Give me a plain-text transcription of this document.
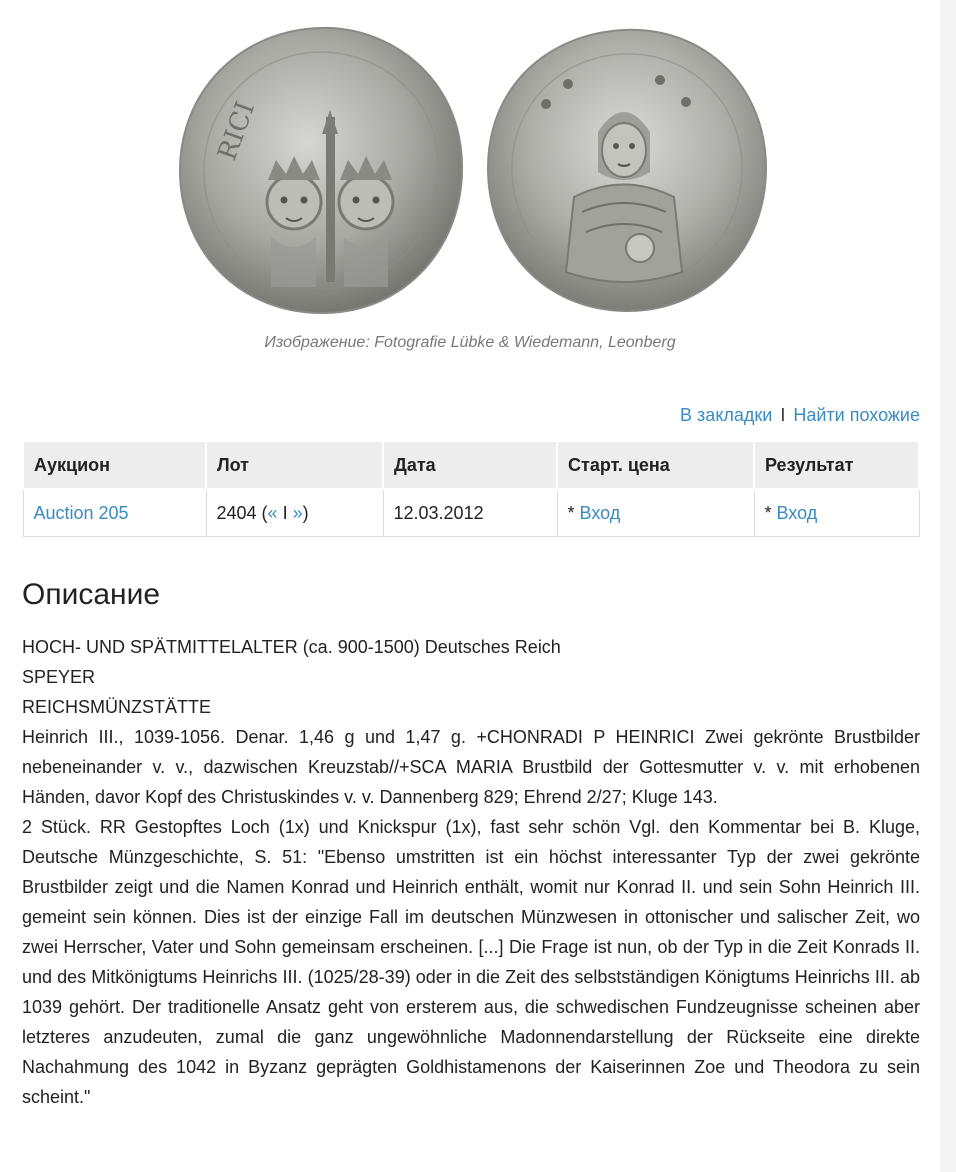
RICI
Изображение: Fotografie Lübke & Wiedemann, Leonberg
В закладки I Найти похожие
Аукцион	Лот	Дата	Старт. цена	Результат
Auction 205	2404 (« I »)	12.03.2012	* Вход	* Вход
Описание
HOCH- UND SPÄTMITTELALTER (ca. 900-1500) Deutsches Reich
SPEYER
REICHSMÜNZSTÄTTE
Heinrich III., 1039-1056. Denar. 1,46 g und 1,47 g. +CHONRADI P HEINRICI Zwei gekrönte Brustbilder nebeneinander v. v., dazwischen Kreuzstab//+SCA MARIA Brustbild der Gottesmutter v. v. mit erhobenen Händen, davor Kopf des Christuskindes v. v. Dannenberg 829; Ehrend 2/27; Kluge 143.
2 Stück. RR Gestopftes Loch (1x) und Knickspur (1x), fast sehr schön Vgl. den Kommentar bei B. Kluge, Deutsche Münzgeschichte, S. 51: "Ebenso umstritten ist ein höchst interessanter Typ der zwei gekrönte Brustbilder zeigt und die Namen Konrad und Heinrich enthält, womit nur Konrad II. und sein Sohn Heinrich III. gemeint sein können. Dies ist der einzige Fall im deutschen Münzwesen in ottonischer und salischer Zeit, wo zwei Herrscher, Vater und Sohn gemeinsam erscheinen. [...] Die Frage ist nun, ob der Typ in die Zeit Konrads II. und des Mitkönigtums Heinrichs III. (1025/28-39) oder in die Zeit des selbstständigen Königtums Heinrichs III. ab 1039 gehört. Der traditionelle Ansatz geht von ersterem aus, die schwedischen Fundzeugnisse scheinen aber letzteres anzudeuten, zumal die ganz ungewöhnliche Madonnendarstellung der Rückseite eine direkte Nachahmung des 1042 in Byzanz geprägten Goldhistamenons der Kaiserinnen Zoe und Theodora zu sein scheint."
